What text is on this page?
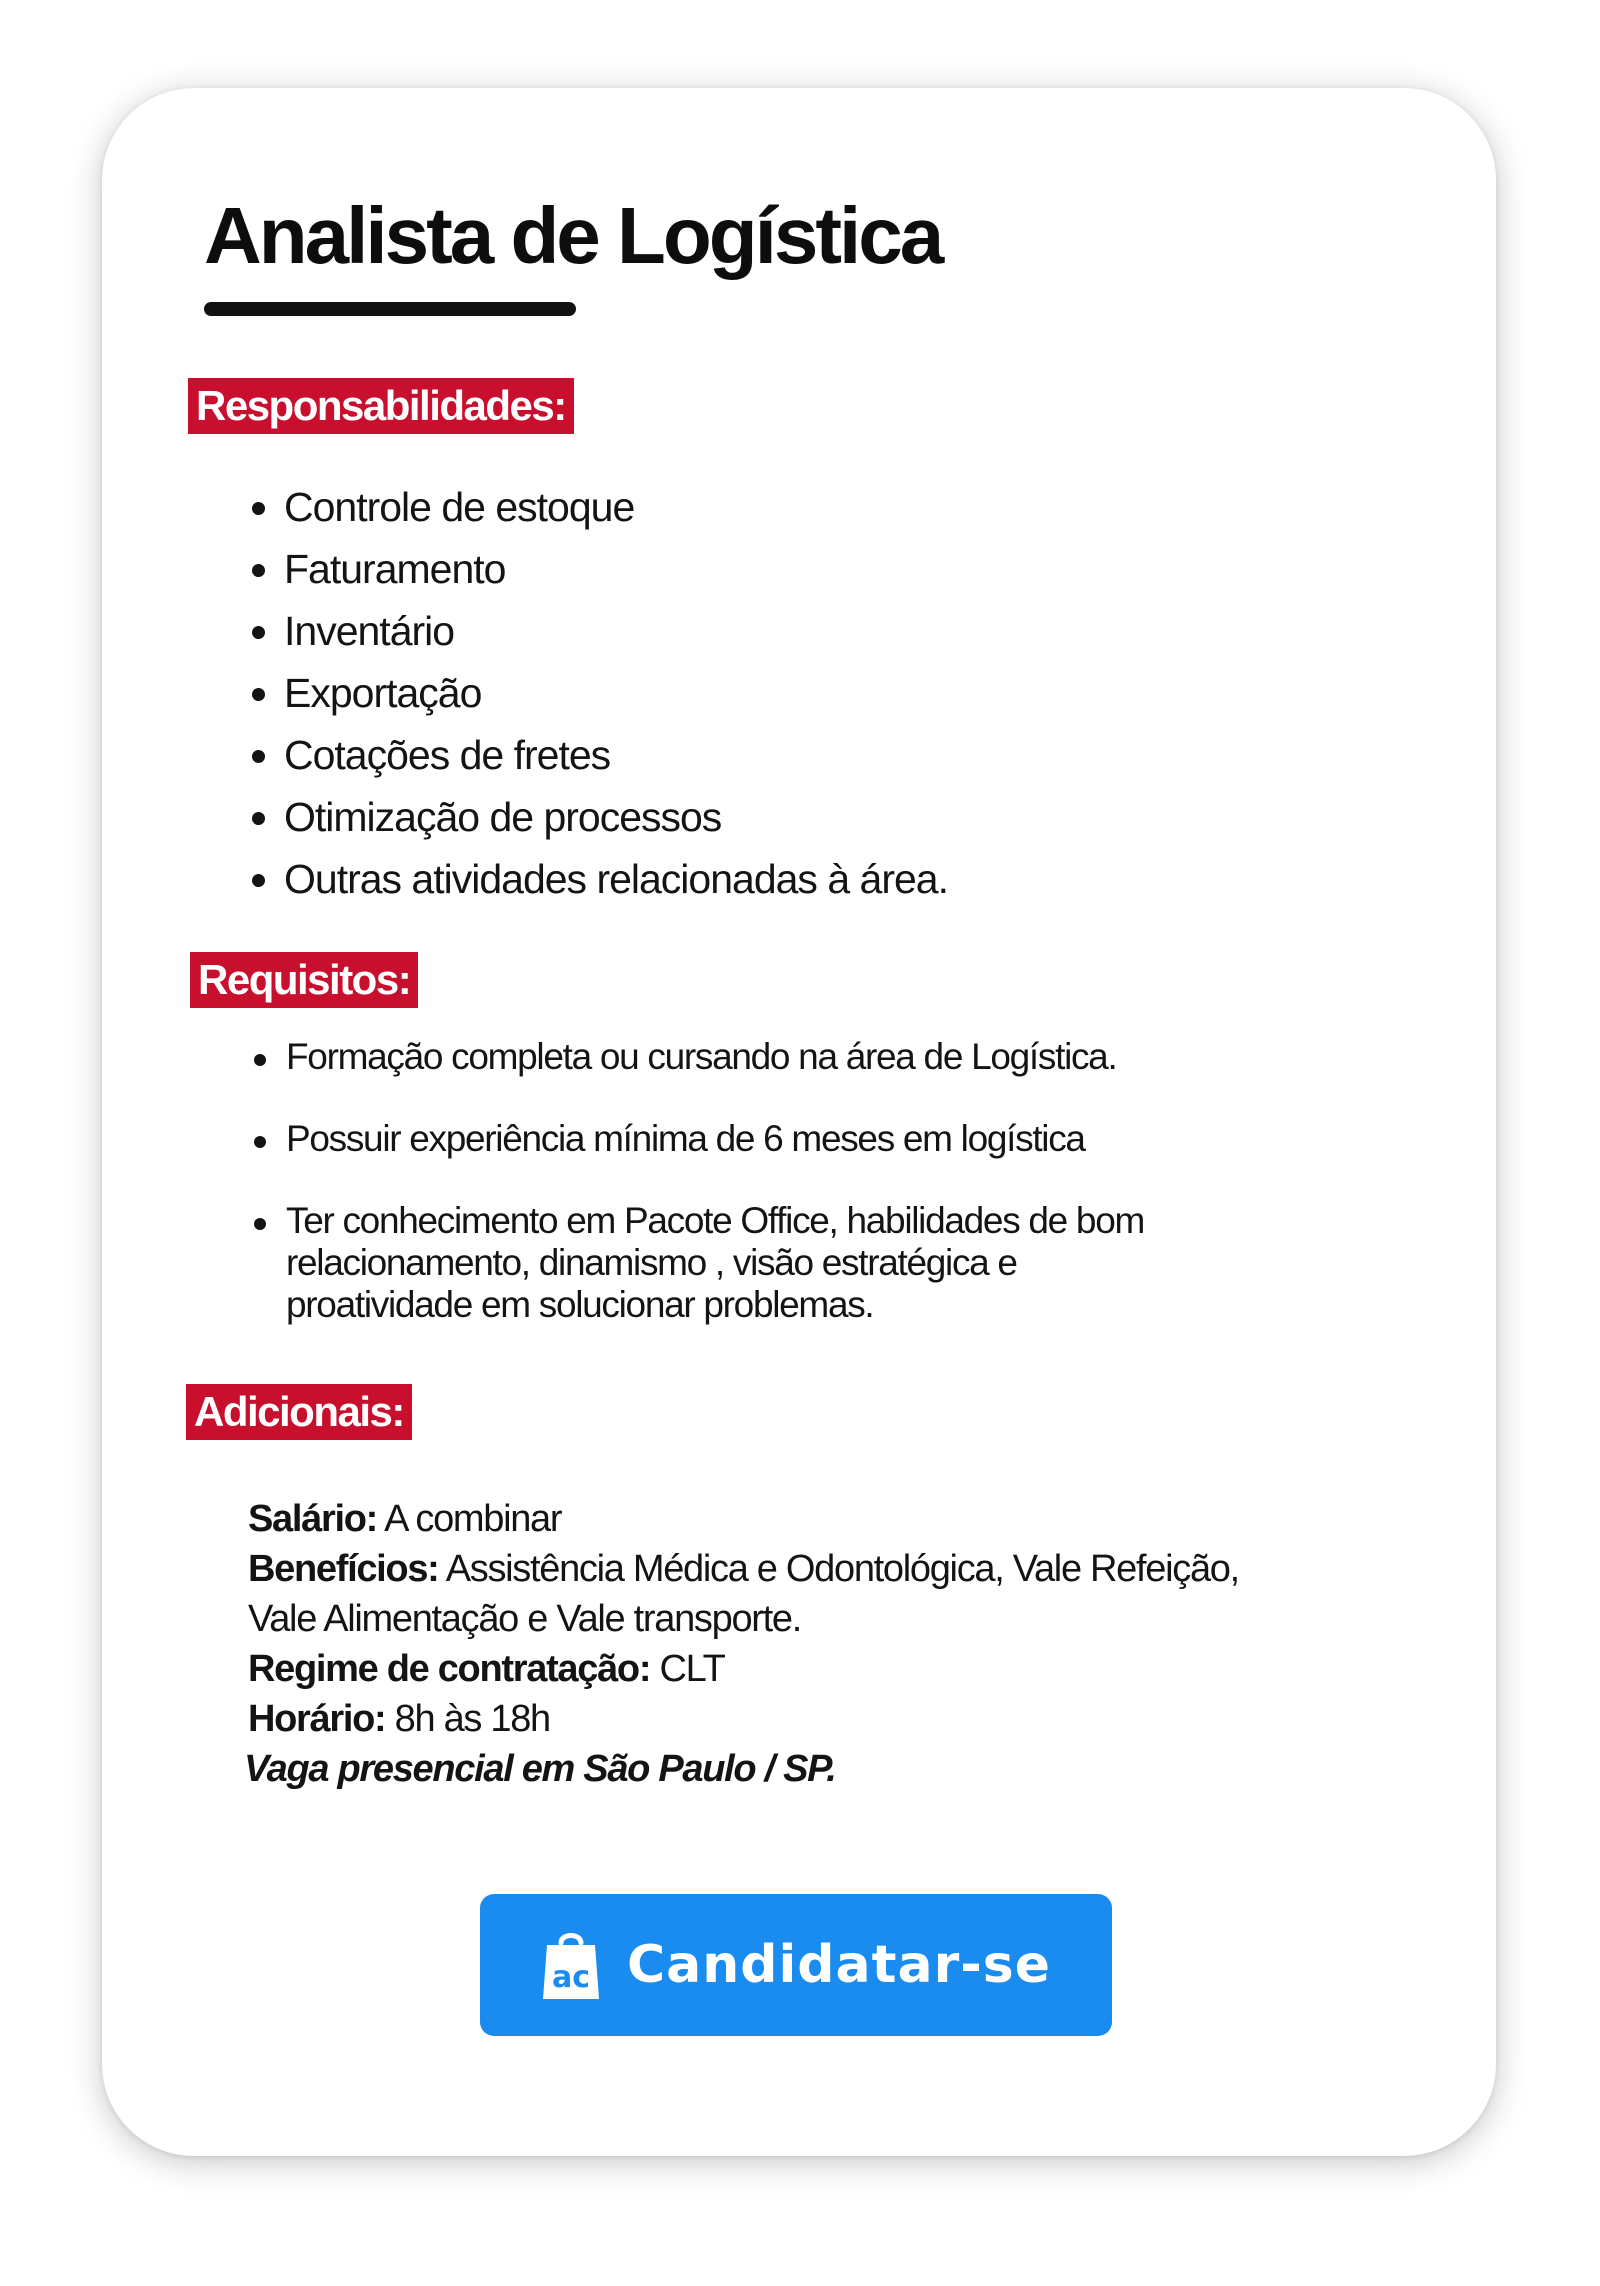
Analista de Logística
Responsabilidades:
Controle de estoque
Faturamento
Inventário
Exportação
Cotações de fretes
Otimização de processos
Outras atividades relacionadas à área.
Requisitos:
Formação completa ou cursando na área de Logística.
Possuir experiência mínima de 6 meses em logística
Ter conhecimento em Pacote Office, habilidades de bom
relacionamento, dinamismo , visão estratégica e
proatividade em solucionar problemas.
Adicionais:
Salário: A combinar
Benefícios: Assistência Médica e Odontológica, Vale Refeição,
Vale Alimentação e Vale transporte.
Regime de contratação: CLT
Horário: 8h às 18h
Vaga presencial em São Paulo / SP.
ac Candidatar-se
